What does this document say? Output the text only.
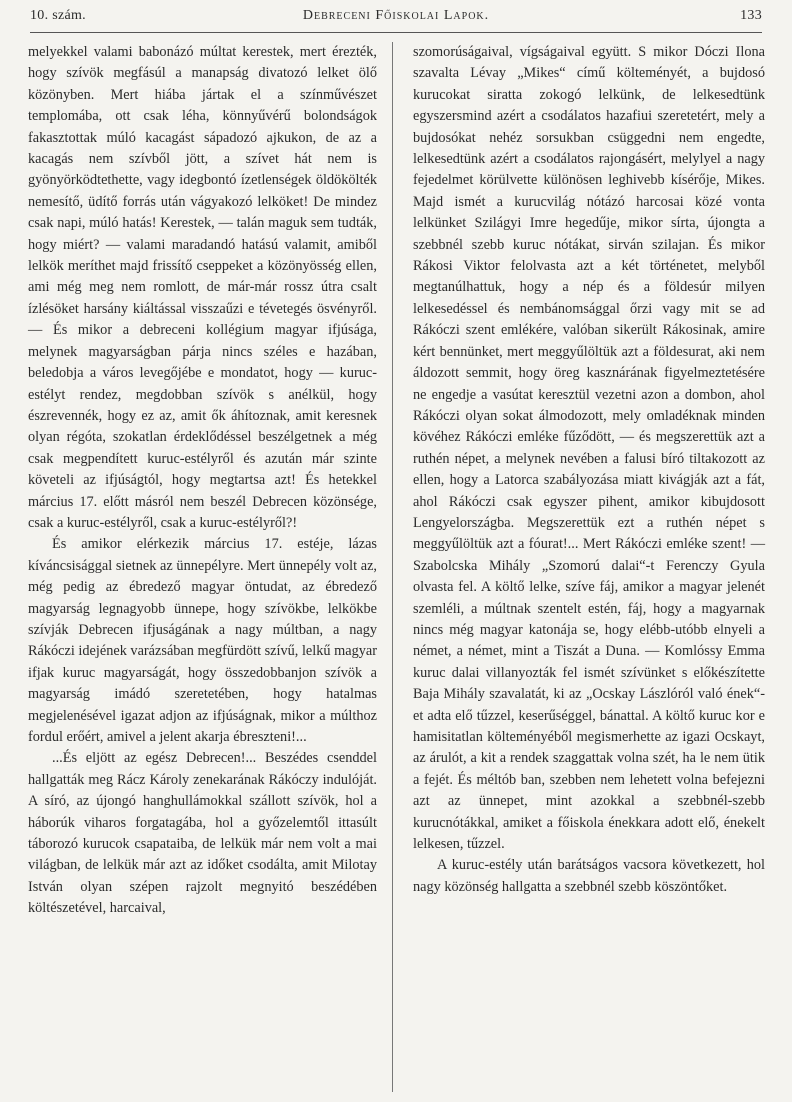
10. szám.	Debreceni Főiskolai Lapok.	133

melyekkel valami babonázó múltat kerestek, mert érezték, hogy szívök megfásúl a manapság divatozó lelket ölő közönyben. Mert hiába jártak el a színművészet templomába, ott csak léha, könnyűvérű bolondságok fakasztottak múló kacagást sápadozó ajkukon, de az a kacagás nem szívből jött, a szívet hát nem is gyönyörködtethette, vagy idegbontó ízetlenségek öldökölték nemesítő, üdítő forrás után vágyakozó lelköket! De mindez csak napi, múló hatás! Kerestek, — talán maguk sem tudták, hogy miért? — valami maradandó hatású valamit, amiből lelkök meríthet majd frissítő cseppeket a közönyösség ellen, ami még meg nem romlott, de már-már rossz útra csalt ízlésöket harsány kiáltással visszaűzi e tévetegés ösvényről. — És mikor a debreceni kollégium magyar ifjúsága, melynek magyarságban párja nincs széles e hazában, beledobja a város levegőjébe e mondatot, hogy — kuruc-estélyt rendez, megdobban szívök s anélkül, hogy észrevennék, hogy ez az, amit ők áhítoznak, amit keresnek olyan régóta, szokatlan érdeklődéssel beszélgetnek a még csak megpendített kuruc-estélyről és azután már szinte követeli az ifjúságtól, hogy megtartsa azt! És hetekkel március 17. előtt másról nem beszél Debrecen közönsége, csak a kuruc-estélyről, csak a kuruc-estélyről?!

És amikor elérkezik március 17. estéje, lázas kíváncsisággal sietnek az ünnepélyre. Mert ünnepély volt az, még pedig az ébredező magyar öntudat, az ébredező magyarság legnagyobb ünnepe, hogy szívökbe, lelkökbe szívják Debrecen ifjuságának a nagy múltban, a nagy Rákóczi idejének varázsában megfürdött szívű, lelkű magyar ifjak kuruc magyarságát, hogy összedobbanjon szívök a magyarság imádó szeretetében, hogy hatalmas megjelenésével igazat adjon az ifjúságnak, mikor a múlthoz fordul erőért, amivel a jelent akarja ébreszteni!...

...És eljött az egész Debrecen!... Beszédes csenddel hallgatták meg Rácz Károly zenekarának Rákóczy indulóját. A síró, az újongó hanghullámokkal szállott szívök, hol a háborúk viharos forgatagába, hol a győzelemtől ittasúlt táborozó kurucok csapataiba, de lelkük már nem volt a mai világban, de lelkük már azt az időket csodálta, amit Milotay István olyan szépen rajzolt megnyitó beszédében költészetével, harcaival,

szomorúságaival, vígságaival együtt. S mikor Dóczi Ilona szavalta Lévay „Mikes“ című költeményét, a bujdosó kurucokat siratta zokogó lelkünk, de lelkesedtünk egyszersmind azért a csodálatos hazafiui szeretetért, mely a bujdosókat nehéz sorsukban csüggedni nem engedte, lelkesedtünk azért a csodálatos rajongásért, melylyel a nagy fejedelmet körülvette különösen leghivebb kísérője, Mikes. Majd ismét a kurucvilág nótázó harcosai közé vonta lelkünket Szilágyi Imre hegedűje, mikor sírta, újongta a szebbnél szebb kuruc nótákat, sirván szilajan. És mikor Rákosi Viktor felolvasta azt a két történetet, melyből megtanúlhattuk, hogy a nép és a földesúr milyen lelkesedéssel és nembánomsággal őrzi vagy mit se ad Rákóczi szent emlékére, valóban sikerült Rákosinak, amire kért bennünket, mert meggyűlöltük azt a földesurat, aki nem áldozott semmit, hogy öreg kasznárának figyelmeztetésére ne engedje a vasútat keresztül vezetni azon a dombon, ahol Rákóczi olyan sokat álmodozott, mely omladéknak minden kövéhez Rákóczi emléke fűződött, — és megszerettük azt a ruthén népet, a melynek nevében a falusi bíró tiltakozott az ellen, hogy a Latorca szabályozása miatt kivágják azt a fát, ahol Rákóczi csak egyszer pihent, amikor kibujdosott Lengyelországba. Megszerettük ezt a ruthén népet s meggyűlöltük azt a fóurat!... Mert Rákóczi emléke szent! — Szabolcska Mihály „Szomorú dalai“-t Ferenczy Gyula olvasta fel. A költő lelke, szíve fáj, amikor a magyar jelenét szemléli, a múltnak szentelt estén, fáj, hogy a magyarnak nincs még magyar katonája se, hogy elébb-utóbb elnyeli a német, a német, mint a Tiszát a Duna. — Komlóssy Emma kuruc dalai villanyozták fel ismét szívünket s előkészítette Baja Mihály szavalatát, ki az „Ocskay Lászlóról való ének“-et adta elő tűzzel, keserűséggel, bánattal. A költő kuruc kor e hamisitatlan költeményéből megismerhette az igazi Ocskayt, az árulót, a kit a rendek szaggattak volna szét, ha le nem ütik a fejét. És méltób ban, szebben nem lehetett volna befejezni azt az ünnepet, mint azokkal a szebbnél-szebb kurucnótákkal, amiket a főiskola énekkara adott elő, énekelt lelkesen, tűzzel.

A kuruc-estély után barátságos vacsora következett, hol nagy közönség hallgatta a szebbnél szebb köszöntőket.
